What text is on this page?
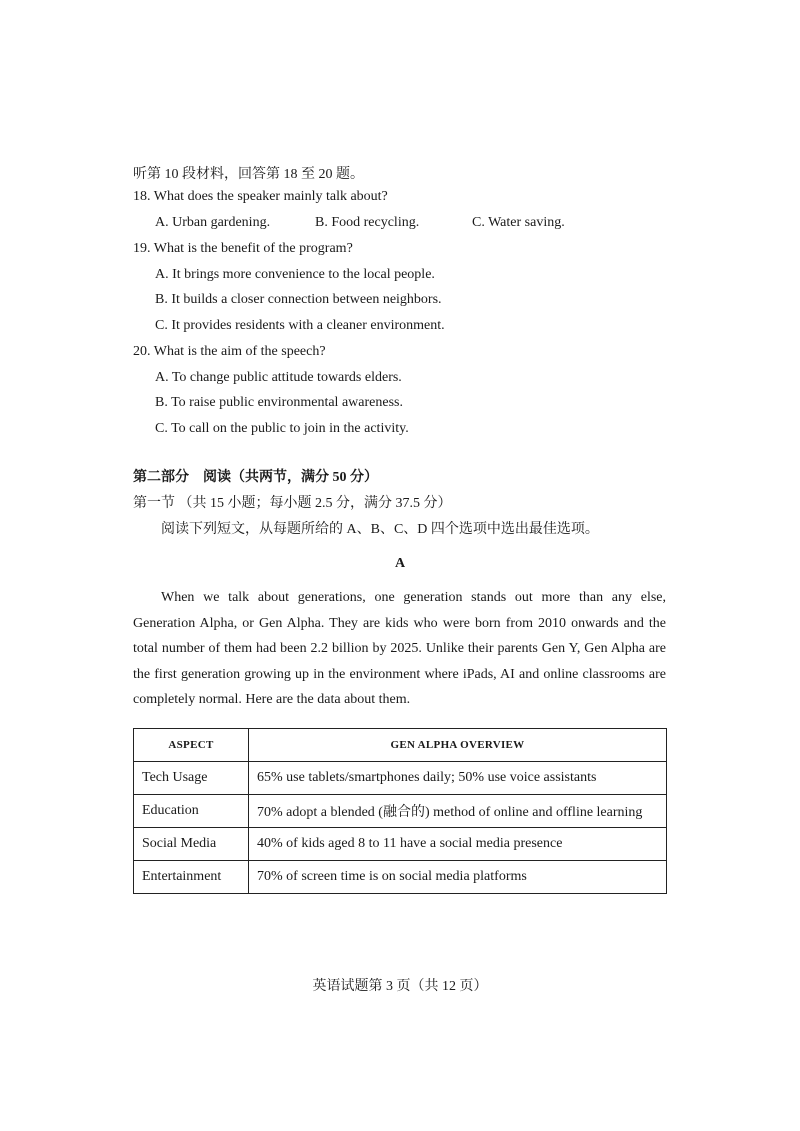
听第 10 段材料，回答第 18 至 20 题。
18. What does the speaker mainly talk about?
A. Urban gardening.	B. Food recycling.	C. Water saving.
19. What is the benefit of the program?
A. It brings more convenience to the local people.
B. It builds a closer connection between neighbors.
C. It provides residents with a cleaner environment.
20. What is the aim of the speech?
A. To change public attitude towards elders.
B. To raise public environmental awareness.
C. To call on the public to join in the activity.
第二部分　阅读（共两节，满分 50 分）
第一节 （共 15 小题；每小题 2.5 分，满分 37.5 分）
阅读下列短文，从每题所给的 A、B、C、D 四个选项中选出最佳选项。
A
When we talk about generations, one generation stands out more than any else, Generation Alpha, or Gen Alpha. They are kids who were born from 2010 onwards and the total number of them had been 2.2 billion by 2025. Unlike their parents Gen Y, Gen Alpha are the first generation growing up in the environment where iPads, AI and online classrooms are completely normal. Here are the data about them.
ASPECT	GEN ALPHA OVERVIEW
Tech Usage	65% use tablets/smartphones daily; 50% use voice assistants
Education	70% adopt a blended (融合的) method of online and offline learning
Social Media	40% of kids aged 8 to 11 have a social media presence
Entertainment	70% of screen time is on social media platforms
英语试题第 3 页（共 12 页）
